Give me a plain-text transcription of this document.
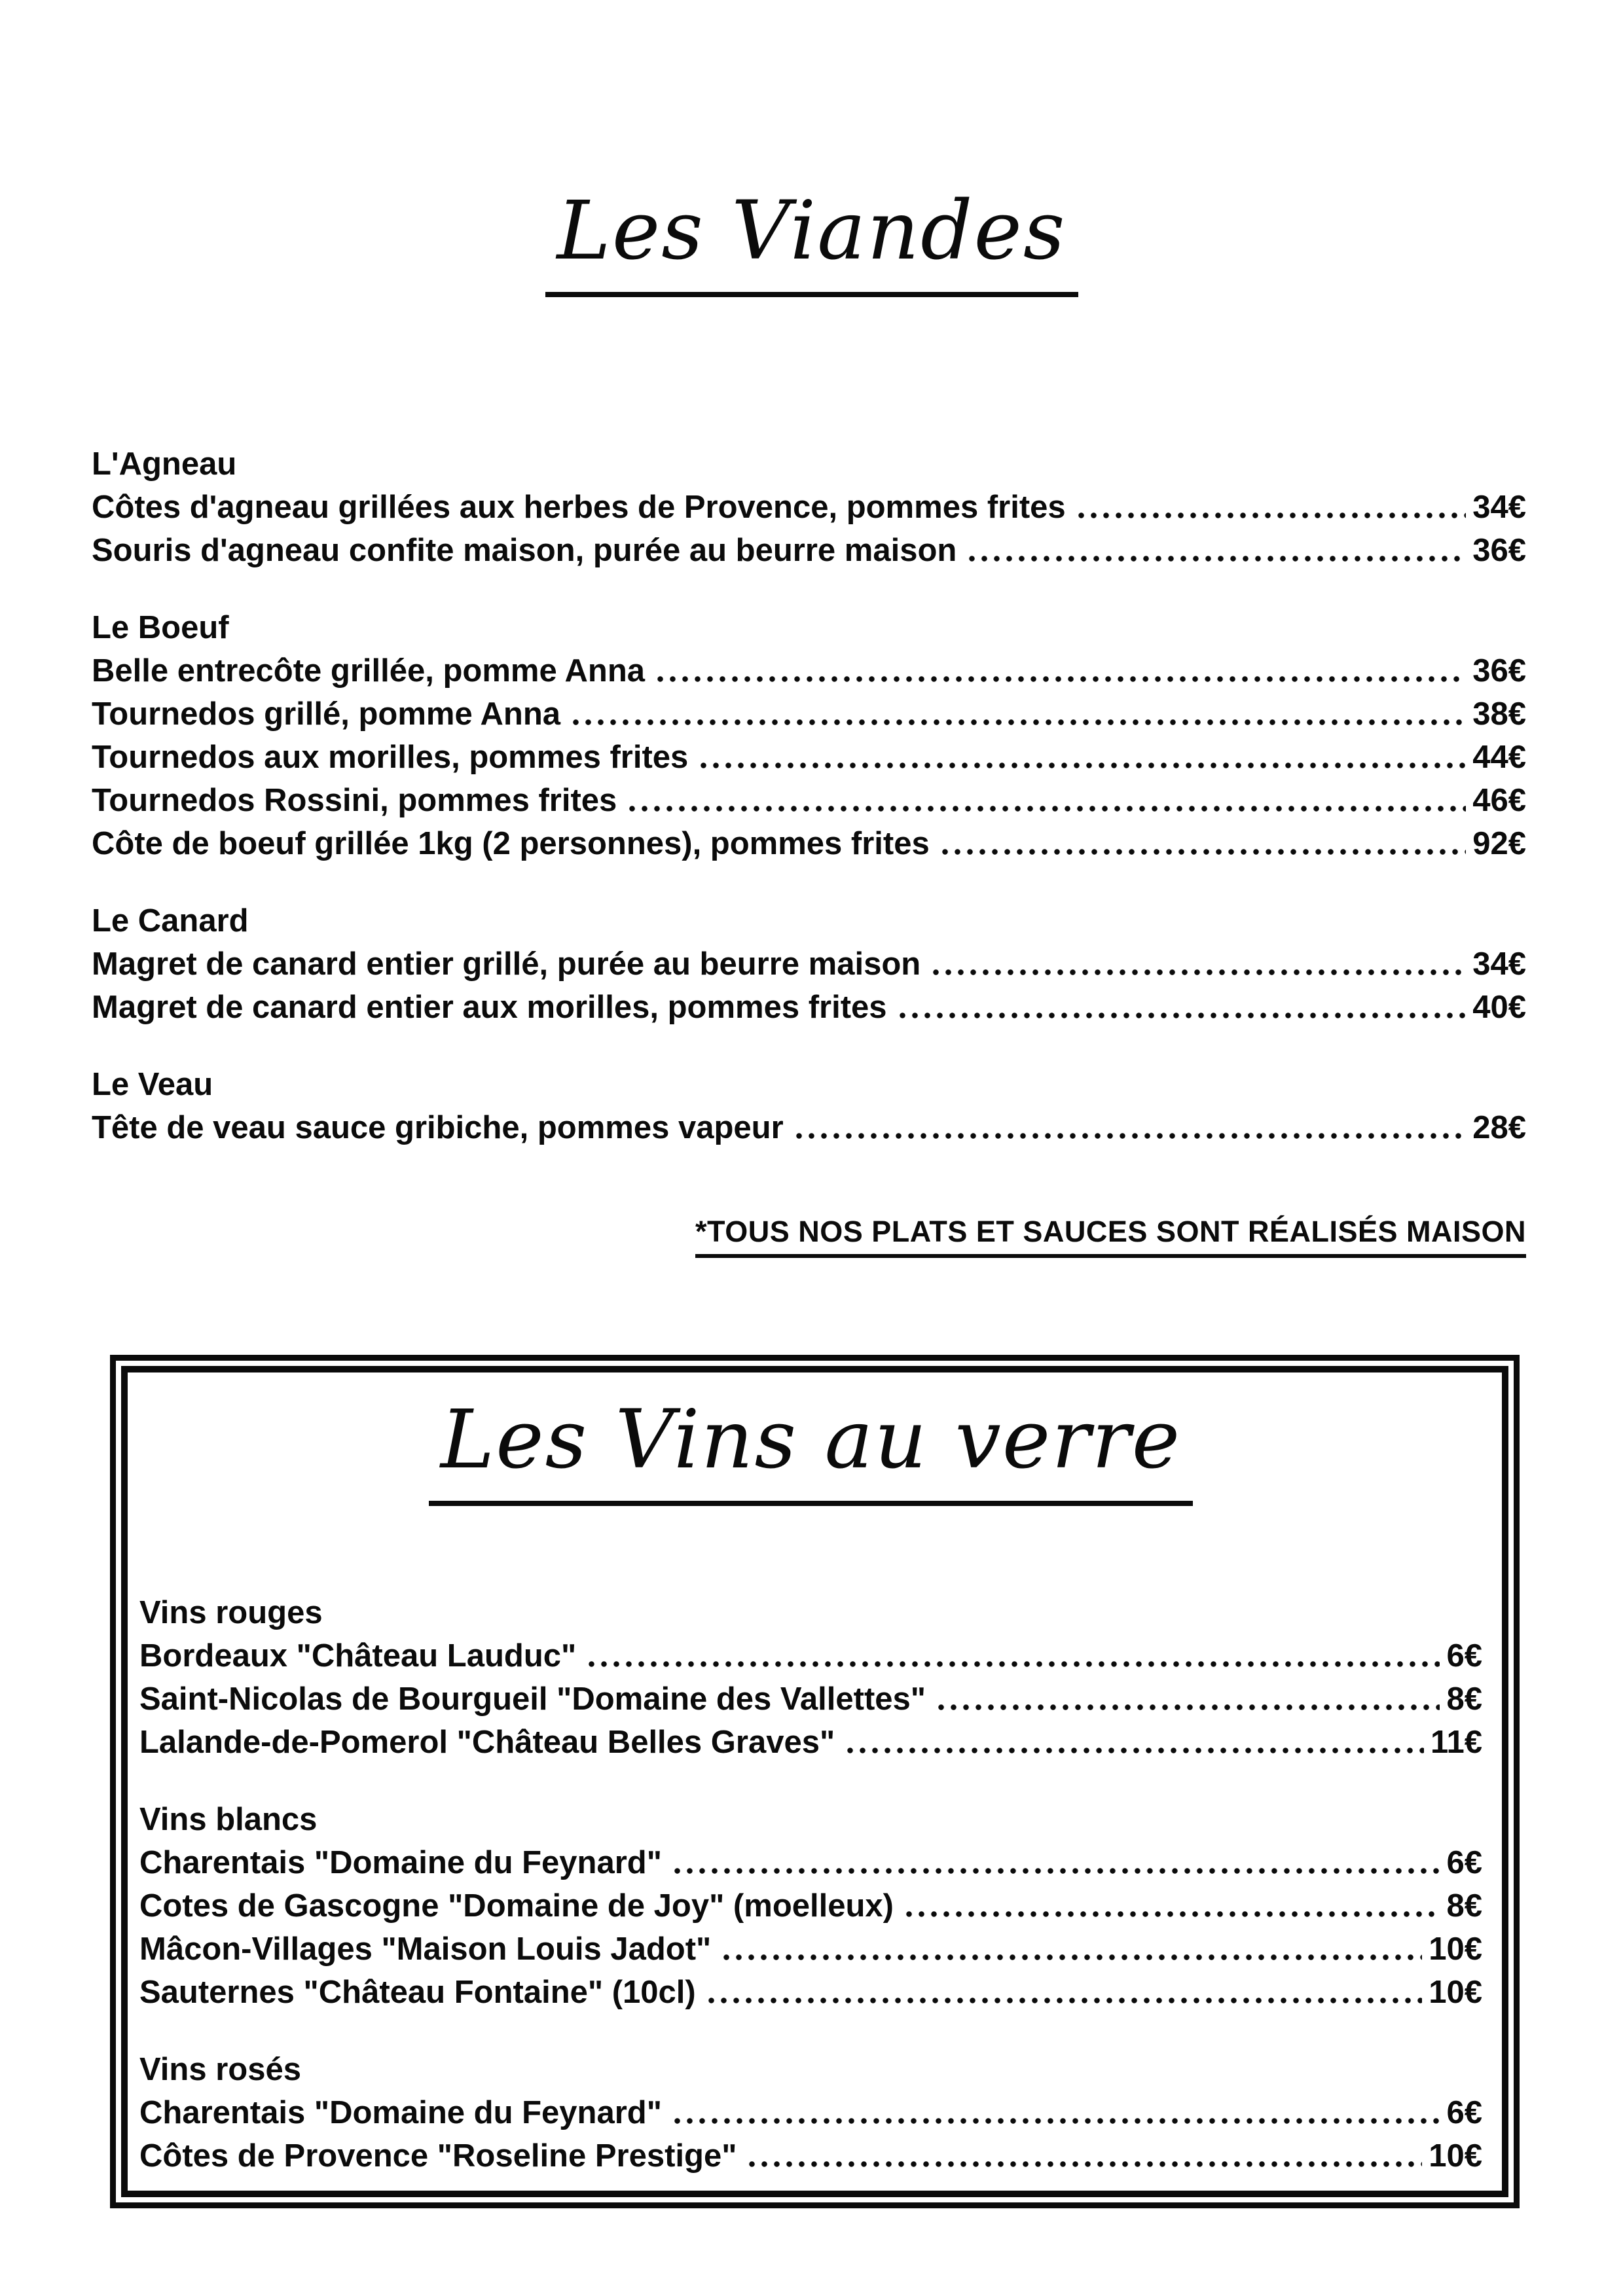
Les Viandes
L'Agneau
Côtes d'agneau grillées aux herbes de Provence, pommes frites	34€
Souris d'agneau confite maison, purée au beurre maison	36€
Le Boeuf
Belle entrecôte grillée, pomme Anna	36€
Tournedos grillé, pomme Anna	38€
Tournedos aux morilles, pommes frites	44€
Tournedos Rossini, pommes frites	46€
Côte de boeuf grillée 1kg (2 personnes), pommes frites	92€
Le Canard
Magret de canard entier grillé, purée au beurre maison	34€
Magret de canard entier aux morilles, pommes frites	40€
Le Veau
Tête de veau sauce gribiche, pommes vapeur	28€
*TOUS NOS PLATS ET SAUCES SONT RÉALISÉS MAISON
Les Vins au verre
Vins rouges
Bordeaux "Château Lauduc"	6€
Saint-Nicolas de Bourgueil "Domaine des Vallettes"	8€
Lalande-de-Pomerol "Château Belles Graves"	11€
Vins blancs
Charentais "Domaine du Feynard"	6€
Cotes de Gascogne "Domaine de Joy" (moelleux)	8€
Mâcon-Villages "Maison Louis Jadot"	10€
Sauternes "Château Fontaine" (10cl)	10€
Vins rosés
Charentais "Domaine du Feynard"	6€
Côtes de Provence "Roseline Prestige"	10€
